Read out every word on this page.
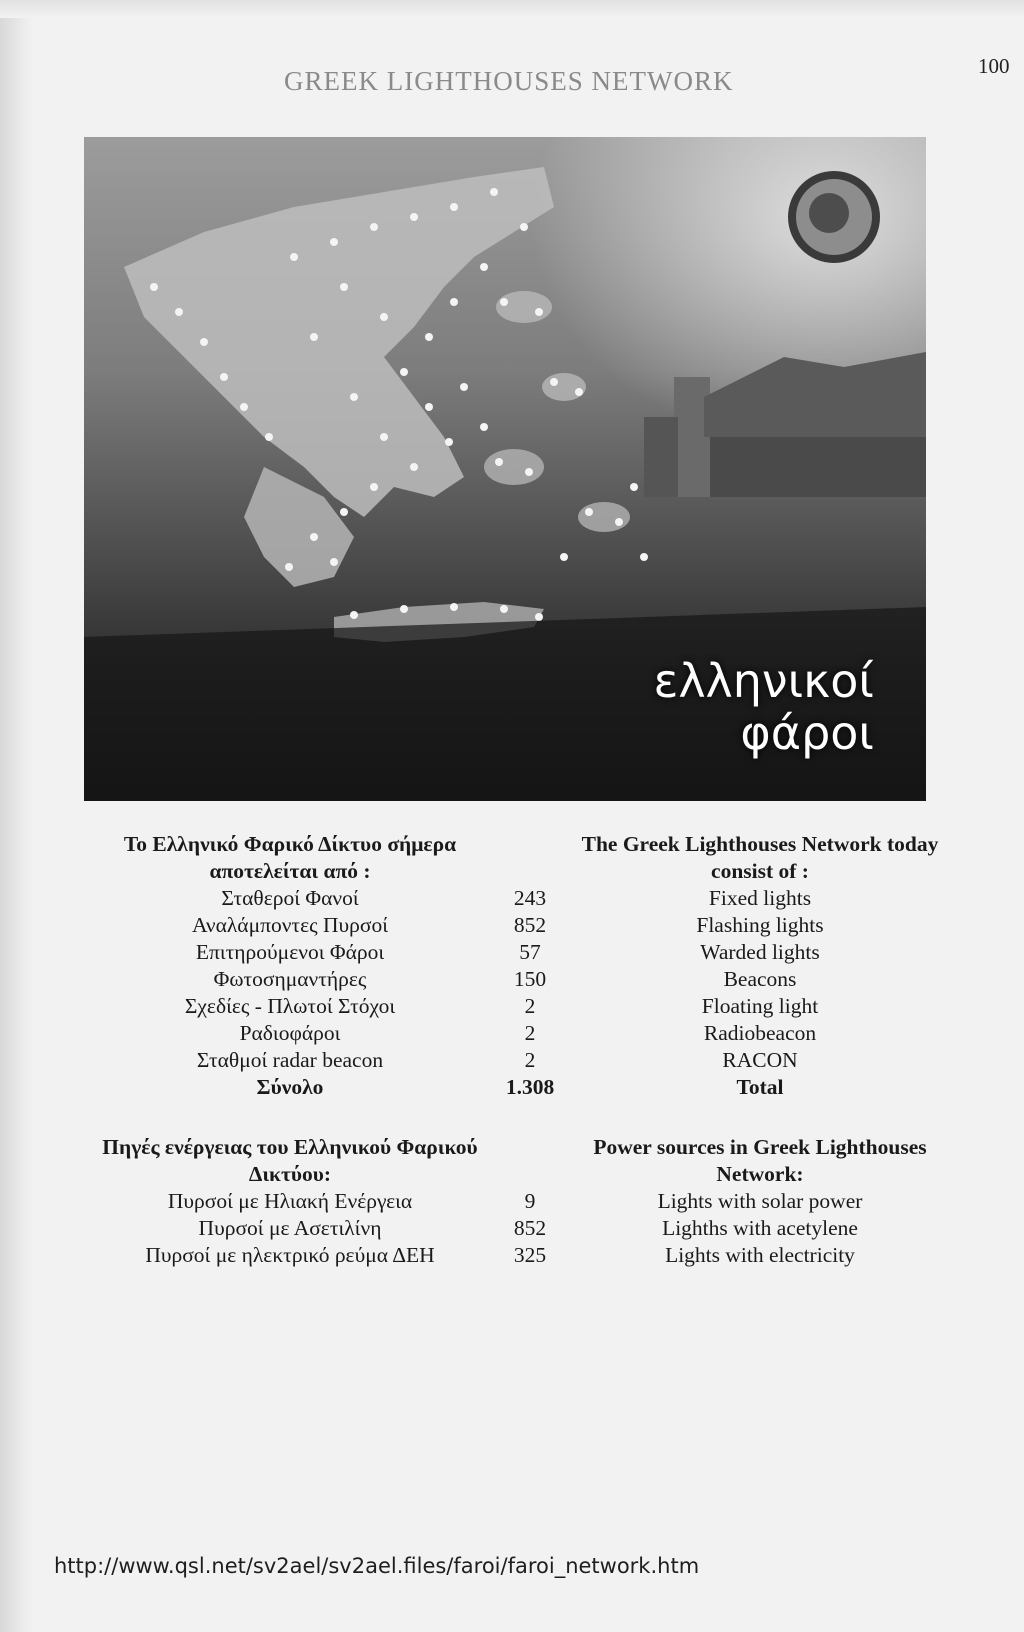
GREEK LIGHTHOUSES NETWORK	100
ελληνικοί
φάροι
Το Ελληνικό Φαρικό Δίκτυο σήμερα	The Greek Lighthouses Network today
αποτελείται από :	consist of :
Σταθεροί Φανοί	243	Fixed lights
Αναλάμποντες Πυρσοί	852	Flashing lights
Επιτηρούμενοι Φάροι	57	Warded lights
Φωτοσημαντήρες	150	Beacons
Σχεδίες - Πλωτοί Στόχοι	2	Floating light
Ραδιοφάροι	2	Radiobeacon
Σταθμοί radar beacon	2	RACON
Σύνολο	1.308	Total
Πηγές ενέργειας του Ελληνικού Φαρικού	Power sources in Greek Lighthouses
Δικτύου:	Network:
Πυρσοί με Ηλιακή Ενέργεια	9	Lights with solar power
Πυρσοί με Ασετιλίνη	852	Lighths with acetylene
Πυρσοί με ηλεκτρικό ρεύμα ΔΕΗ	325	Lights with electricity
http://www.qsl.net/sv2ael/sv2ael.files/faroi/faroi_network.htm
